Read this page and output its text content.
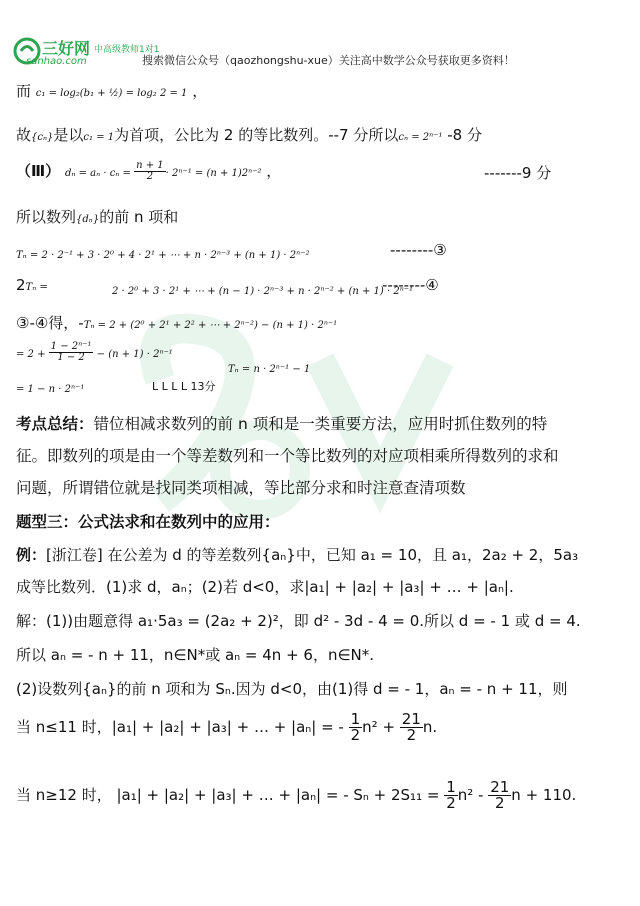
三好网
sanhao.com
中高级教师1对1
搜索微信公众号（qaozhongshu-xue）关注高中数学公众号获取更多资料！
而 c₁ = log₂(b₁ + ½) = log₂ 2 = 1 ，
故{cₙ}是以c₁ = 1为首项，公比为 2 的等比数列。--7 分所以cₙ = 2ⁿ⁻¹ -8 分
（Ⅲ） $d_n = a_n \cdot c_n = \frac{n + 1}{2} \cdot 2^{n-1} = (n + 1)2^{n-2}$ ，	-------9 分
所以数列{dₙ}的前 n 项和
Tₙ = 2 · 2⁻¹ + 3 · 2⁰ + 4 · 2¹ + ⋯ + n · 2ⁿ⁻³ + (n + 1) · 2ⁿ⁻²	--------③
2Tₙ =	2 · 2⁰ + 3 · 2¹ + ⋯ + (n − 1) · 2ⁿ⁻³ + n · 2ⁿ⁻² + (n + 1) · 2ⁿ⁻¹
--------④
③-④得，-Tₙ = 2 + (2⁰ + 2¹ + 2² + ⋯ + 2ⁿ⁻²) − (n + 1) · 2ⁿ⁻¹
= $2 + \frac{\text{1 − 2ⁿ⁻¹}}{1 - 2} - (n + 1) \cdot 2^{n-1}$
Tₙ = n · 2ⁿ⁻¹ − 1
= 1 − n · 2ⁿ⁻¹	L L L L 13分
考点总结：错位相减求数列的前 n 项和是一类重要方法，应用时抓住数列的特
征。即数列的项是由一个等差数列和一个等比数列的对应项相乘所得数列的求和
问题，所谓错位就是找同类项相减，等比部分求和时注意查清项数
题型三：公式法求和在数列中的应用：
例：[浙江卷] 在公差为 d 的等差数列{aₙ}中，已知 a₁ = 10，且 a₁，2a₂ + 2，5a₃
成等比数列．(1)求 d，aₙ；(2)若 d<0，求|a₁| + |a₂| + |a₃| + … + |aₙ|.
解：(1))由题意得 a₁·5a₃ = (2a₂ + 2)²，即 d² - 3d - 4 = 0.所以 d = - 1 或 d = 4.
所以 aₙ = - n + 11，n∈N*或 aₙ = 4n + 6，n∈N*.
(2)设数列{aₙ}的前 n 项和为 Sₙ.因为 d<0，由(1)得 d = - 1，aₙ = - n + 11，则
当 n≤11 时，|a₁| + |a₂| + |a₃| + … + |aₙ| = - $\frac{1}{2} n^2 + \frac{21}{2} n$.
当 n≥12 时， |a₁| + |a₂| + |a₃| + … + |aₙ| = - $S_n + 2S_{11} = \frac{1}{2} n^2 - \frac{21}{2}$ n + 110.
